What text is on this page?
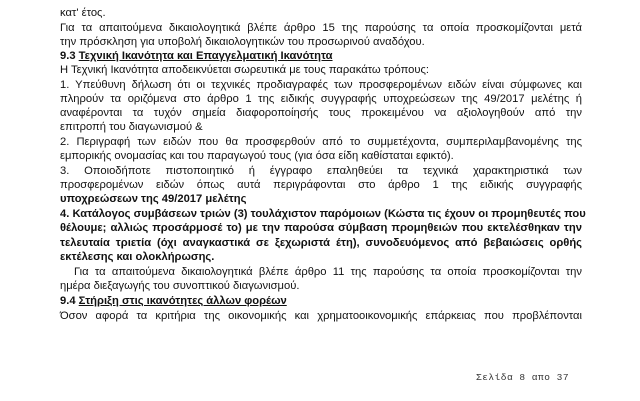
κατ' έτος.
Για τα απαιτούμενα δικαιολογητικά βλέπε άρθρο 15 της παρούσης τα οποία προσκομίζονται μετά
την πρόσκληση για υποβολή δικαιολογητικών του προσωρινού αναδόχου.
9.3 Τεχνική Ικανότητα και Επαγγελματική Ικανότητα
Η Τεχνική Ικανότητα αποδεικνύεται σωρευτικά με τους παρακάτω τρόπους:
1. Υπεύθυνη δήλωση ότι οι τεχνικές προδιαγραφές των προσφερομένων ειδών είναι σύμφωνες και
πληρούν τα οριζόμενα στο άρθρο 1 της ειδικής συγγραφής υποχρεώσεων της 49/2017 μελέτης ή
αναφέρονται τα τυχόν σημεία διαφοροποίησής τους προκειμένου να αξιολογηθούν από την
επιτροπή του διαγωνισμού &
2. Περιγραφή των ειδών που θα προσφερθούν από το συμμετέχοντα, συμπεριλαμβανομένης της
εμπορικής ονομασίας και του παραγωγού τους (για όσα είδη καθίσταται εφικτό).
3. Οποιοδήποτε πιστοποιητικό ή έγγραφο επαληθεύει τα τεχνικά χαρακτηριστικά των
προσφερομένων ειδών όπως αυτά περιγράφονται στο άρθρο 1 της ειδικής συγγραφής
υποχρεώσεων της 49/2017 μελέτης
4. Κατάλογος συμβάσεων τριών (3) τουλάχιστον παρόμοιων (Κώστα τις έχουν οι προμηθευτές που
θέλουμε; αλλιώς προσάρμοσέ το) με την παρούσα σύμβαση προμηθειών που εκτελέσθηκαν την
τελευταία τριετία (όχι αναγκαστικά σε ξεχωριστά έτη), συνοδευόμενος από βεβαιώσεις ορθής
εκτέλεσης και ολοκλήρωσης.
Για τα απαιτούμενα δικαιολογητικά βλέπε άρθρο 11 της παρούσης τα οποία προσκομίζονται την
ημέρα διεξαγωγής του συνοπτικού διαγωνισμού.
9.4 Στήριξη στις ικανότητες άλλων φορέων
Όσον αφορά τα κριτήρια της οικονομικής και χρηματοοικονομικής επάρκειας που προβλέπονται
Σελίδα 8 απο 37
